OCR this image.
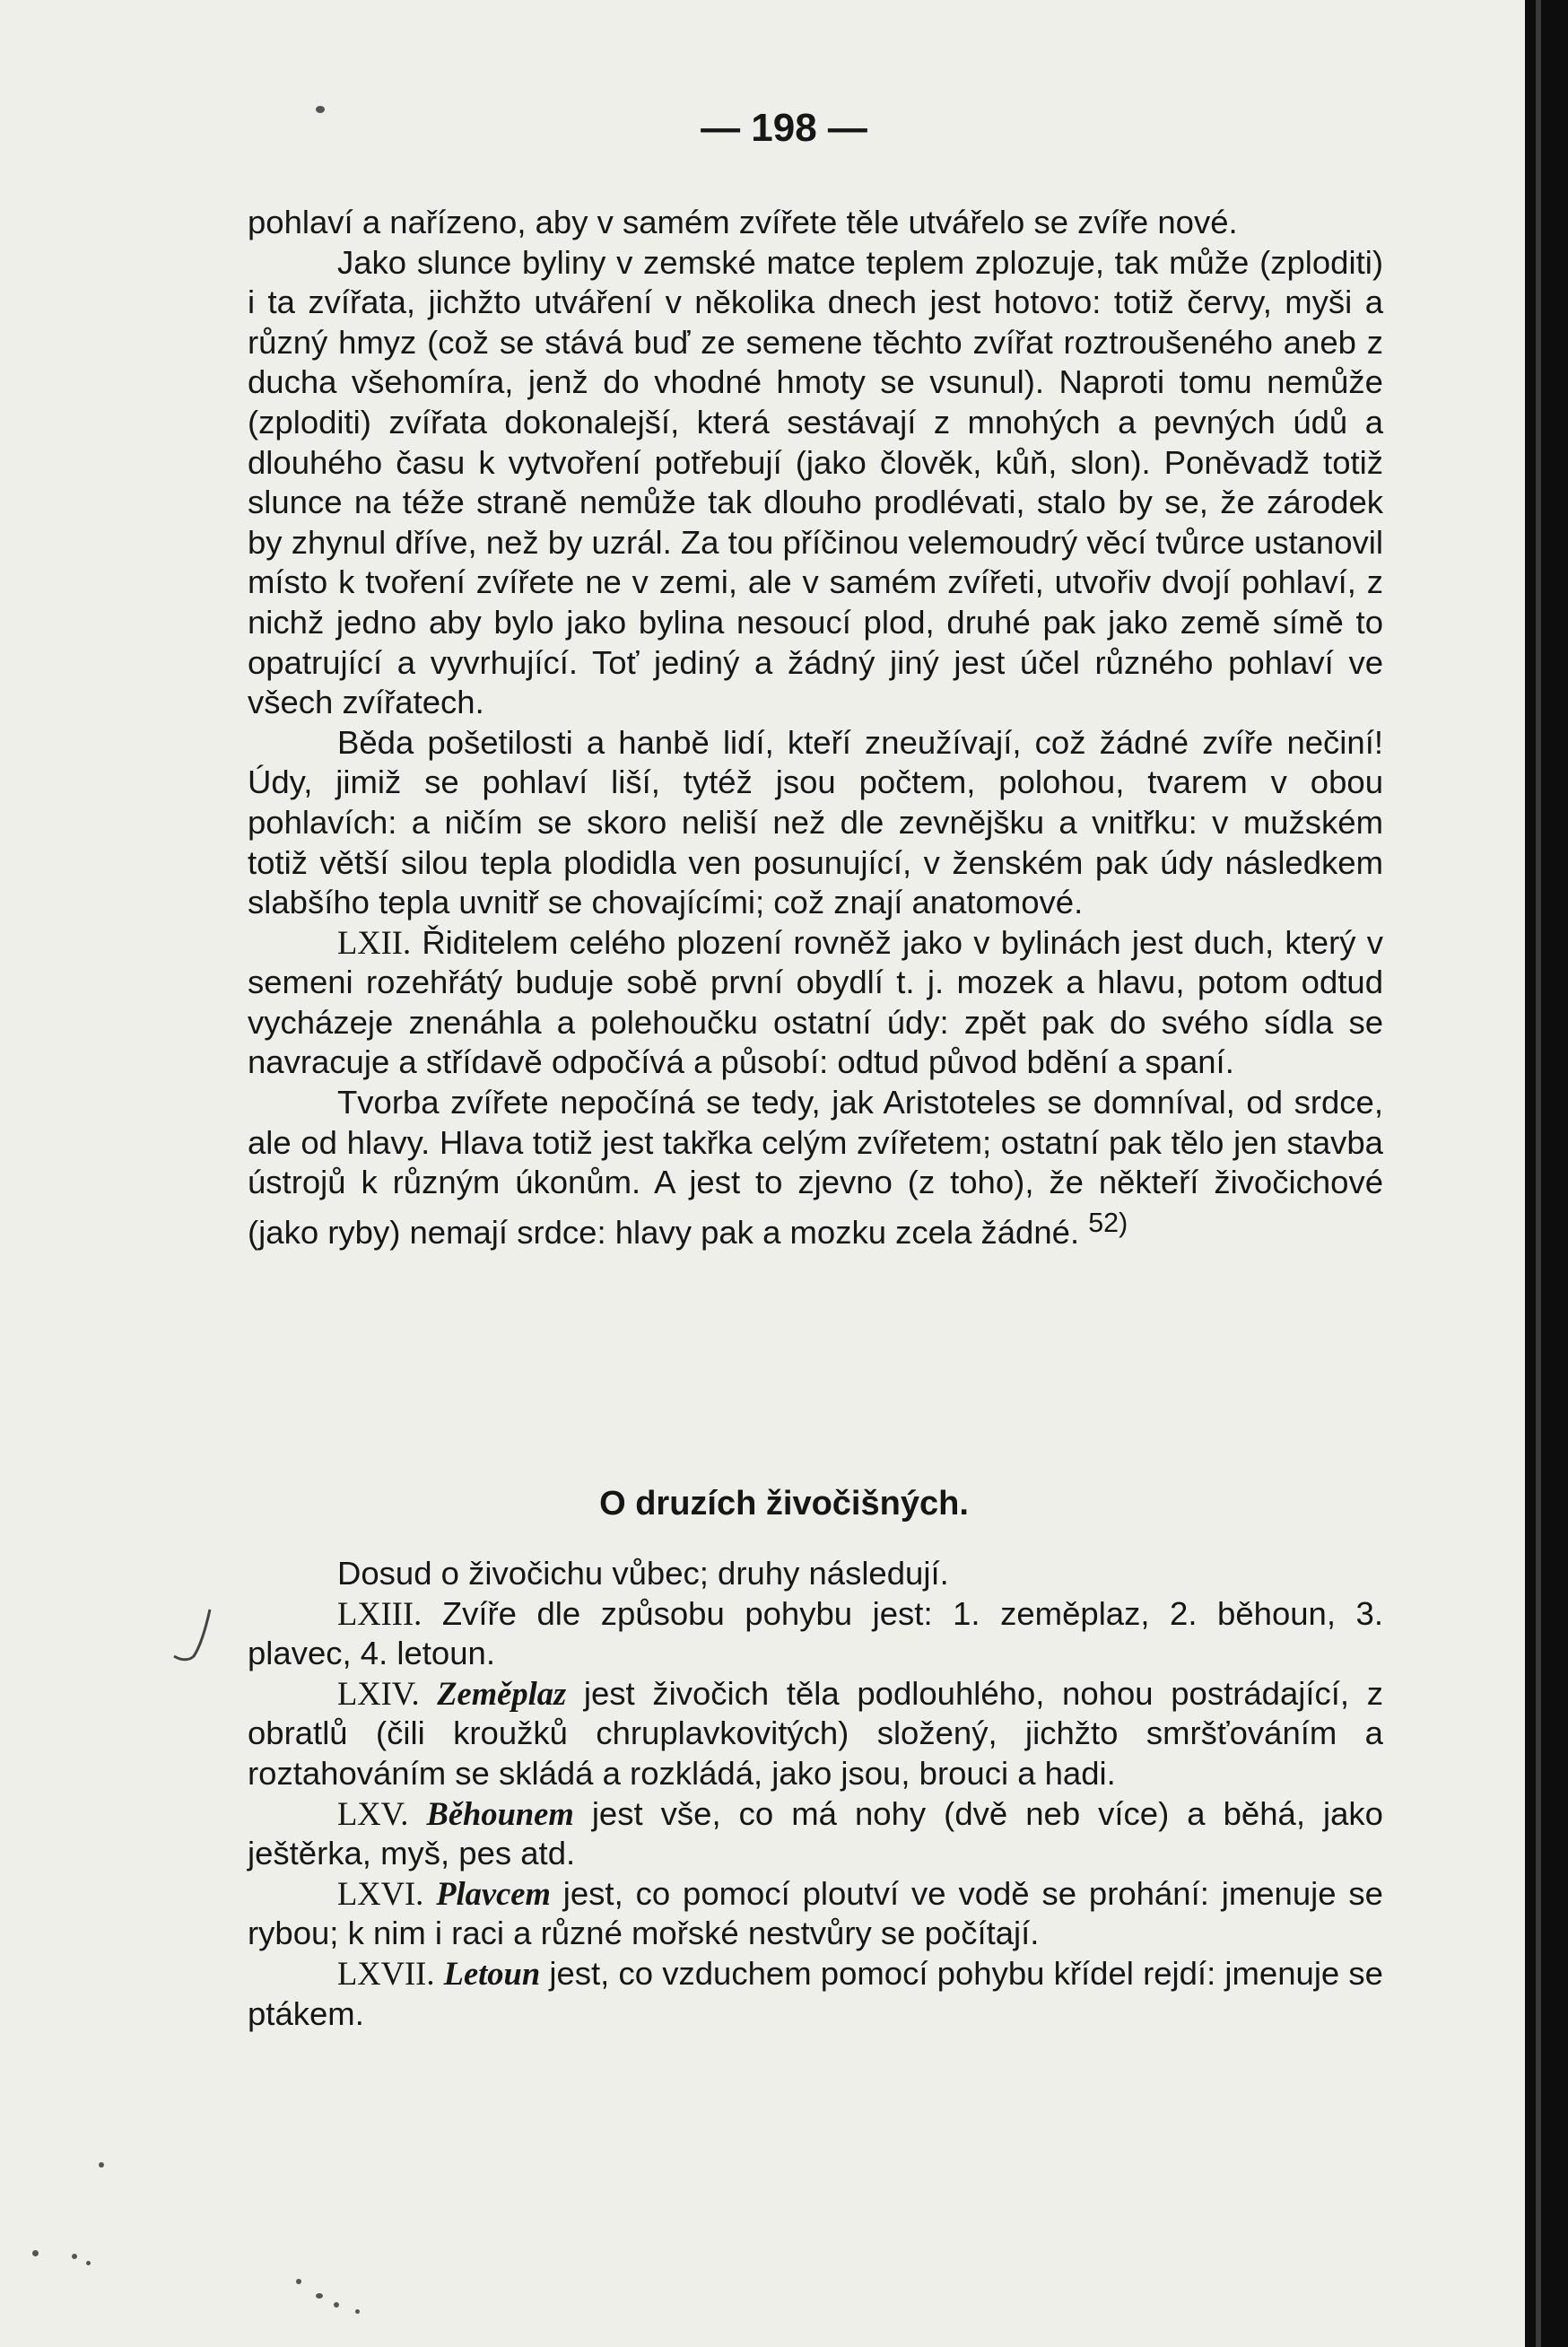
— 198 —

pohlaví a nařízeno, aby v samém zvířete těle utvářelo se zvíře nové.

Jako slunce byliny v zemské matce teplem zplozuje, tak může (zploditi) i ta zvířata, jichžto utváření v několika dnech jest hotovo: totiž červy, myši a různý hmyz (což se stává buď ze semene těchto zvířat roztroušeného aneb z ducha všehomíra, jenž do vhodné hmoty se vsunul). Naproti tomu nemůže (zploditi) zvířata dokonalejší, která sestávají z mnohých a pevných údů a dlouhého času k vytvoření potřebují (jako člověk, kůň, slon). Poněvadž totiž slunce na téže straně nemůže tak dlouho prodlévati, stalo by se, že zárodek by zhynul dříve, než by uzrál. Za tou příčinou velemoudrý věcí tvůrce ustanovil místo k tvoření zvířete ne v zemi, ale v samém zvířeti, utvořiv dvojí pohlaví, z nichž jedno aby bylo jako bylina nesoucí plod, druhé pak jako země símě to opatrující a vyvrhující. Toť jediný a žádný jiný jest účel různého pohlaví ve všech zvířatech.

Běda pošetilosti a hanbě lidí, kteří zneužívají, což žádné zvíře nečiní! Údy, jimiž se pohlaví liší, tytéž jsou počtem, polohou, tvarem v obou pohlavích: a ničím se skoro neliší než dle zevnějšku a vnitřku: v mužském totiž větší silou tepla plodidla ven posunující, v ženském pak údy následkem slabšího tepla uvnitř se chovajícími; což znají anatomové.

LXII. Řiditelem celého plození rovněž jako v bylinách jest duch, který v semeni rozehřátý buduje sobě první obydlí t. j. mozek a hlavu, potom odtud vycházeje znenáhla a polehoučku ostatní údy: zpět pak do svého sídla se navracuje a střídavě odpočívá a působí: odtud původ bdění a spaní.

Tvorba zvířete nepočíná se tedy, jak Aristoteles se domníval, od srdce, ale od hlavy. Hlava totiž jest takřka celým zvířetem; ostatní pak tělo jen stavba ústrojů k různým úkonům. A jest to zjevno (z toho), že někteří živočichové (jako ryby) nemají srdce: hlavy pak a mozku zcela žádné. $^{52)}$

O druzích živočišných.

Dosud o živočichu vůbec; druhy následují.

LXIII. Zvíře dle způsobu pohybu jest: 1. zeměplaz, 2. běhoun, 3. plavec, 4. letoun.

LXIV. Zeměplaz jest živočich těla podlouhlého, nohou postrádající, z obratlů (čili kroužků chruplavkovitých) složený, jichžto smršťováním a roztahováním se skládá a rozkládá, jako jsou, brouci a hadi.

LXV. Běhounem jest vše, co má nohy (dvě neb více) a běhá, jako ještěrka, myš, pes atd.

LXVI. Plavcem jest, co pomocí ploutví ve vodě se prohání: jmenuje se rybou; k nim i raci a různé mořské nestvůry se počítají.

LXVII. Letoun jest, co vzduchem pomocí pohybu křídel rejdí: jmenuje se ptákem.
